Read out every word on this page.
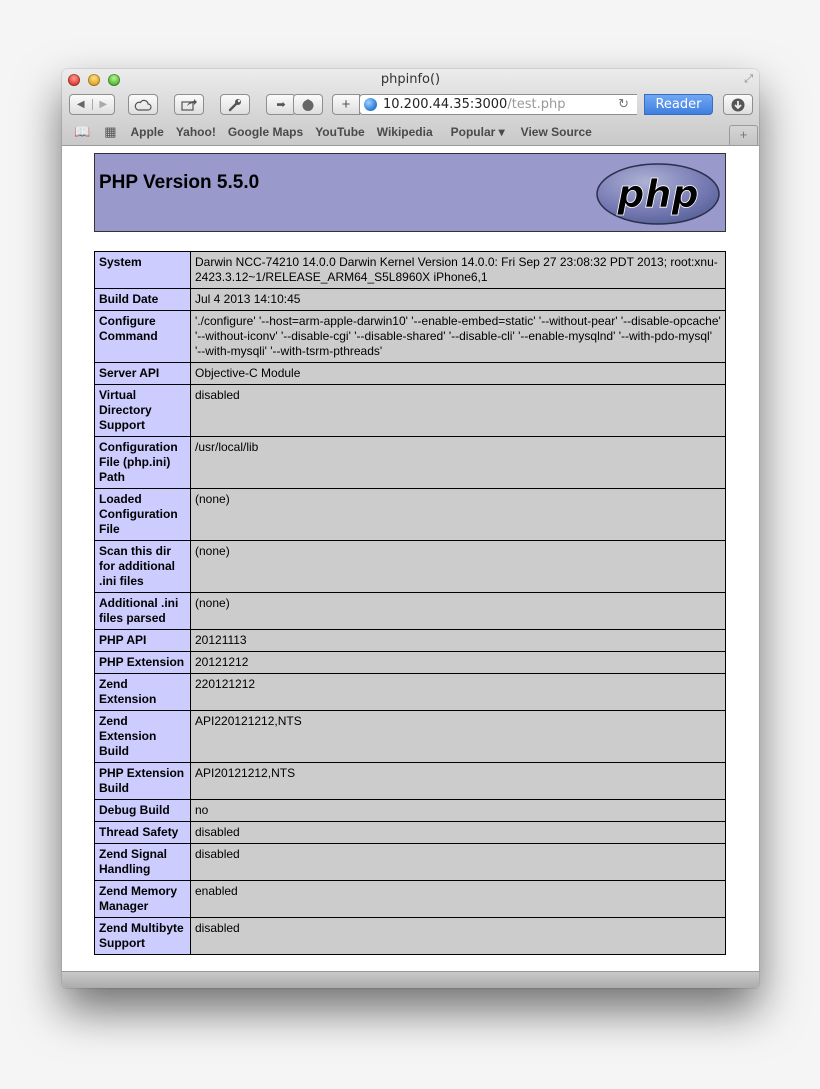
phpinfo()	⤢
◀	▶	➡	+	10.200.44.35:3000 /test.php	↻	Reader
📖 ▦ Apple Yahoo! Google Maps YouTube Wikipedia Popular ▾ View Source	+
PHP Version 5.5.0	php
System	Darwin NCC-74210 14.0.0 Darwin Kernel Version 14.0.0: Fri Sep 27 23:08:32 PDT 2013; root:xnu-2423.3.12~1/RELEASE_ARM64_S5L8960X iPhone6,1
Build Date	Jul 4 2013 14:10:45
Configure Command	'./configure' '--host=arm-apple-darwin10' '--enable-embed=static' '--without-pear' '--disable-opcache' '--without-iconv' '--disable-cgi' '--disable-shared' '--disable-cli' '--enable-mysqlnd' '--with-pdo-mysql' '--with-mysqli' '--with-tsrm-pthreads'
Server API	Objective-C Module
Virtual Directory Support	disabled
Configuration File (php.ini) Path	/usr/local/lib
Loaded Configuration File	(none)
Scan this dir for additional .ini files	(none)
Additional .ini files parsed	(none)
PHP API	20121113
PHP Extension	20121212
Zend Extension	220121212
Zend Extension Build	API220121212,NTS
PHP Extension Build	API20121212,NTS
Debug Build	no
Thread Safety	disabled
Zend Signal Handling	disabled
Zend Memory Manager	enabled
Zend Multibyte Support	disabled
